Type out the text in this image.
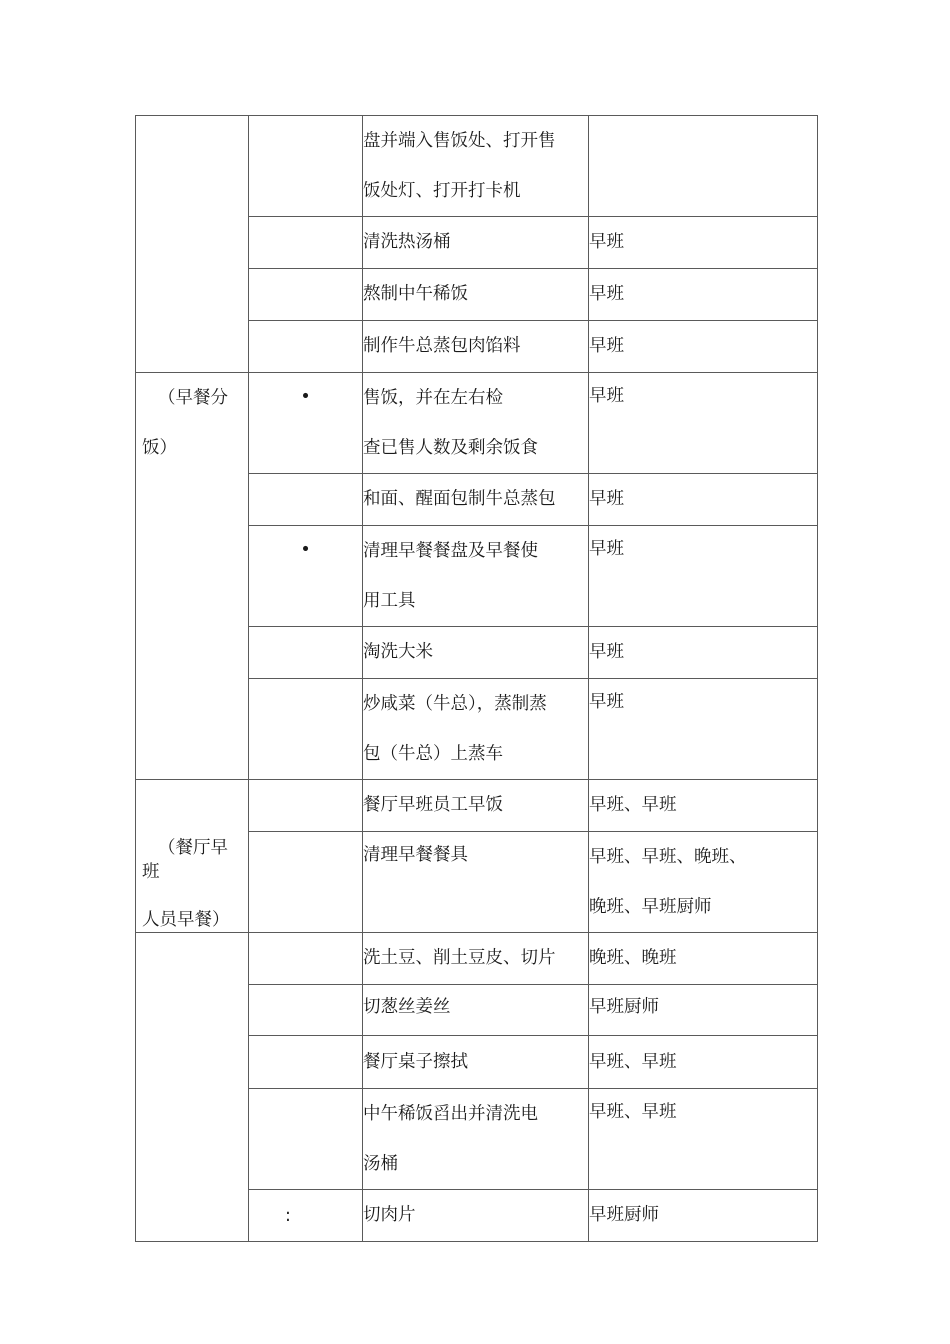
		盘并端入售饭处、打开售
饭处灯、打开打卡机	

		清洗热汤桶	早班
		熬制中午稀饭	早班
		制作牛总蒸包肉馅料	早班

（早餐分
饭）	•	售饭，并在左右检
查已售人数及剩余饭食	早班
		和面、醒面包制牛总蒸包	早班

	•	清理早餐餐盘及早餐使
用工具	早班
		淘洗大米	早班

		炒咸菜（牛总），蒸制蒸
包（牛总）上蒸车	早班

（餐厅早
班
人员早餐）		餐厅早班员工早饭	早班、早班
		清理早餐餐具	早班、早班、晚班、
晚班、早班厨师

		洗土豆、削土豆皮、切片	晚班、晚班
		切葱丝姜丝	早班厨师
		餐厅桌子擦拭	早班、早班

		中午稀饭舀出并清洗电
汤桶	早班、早班

	:	切肉片	早班厨师
